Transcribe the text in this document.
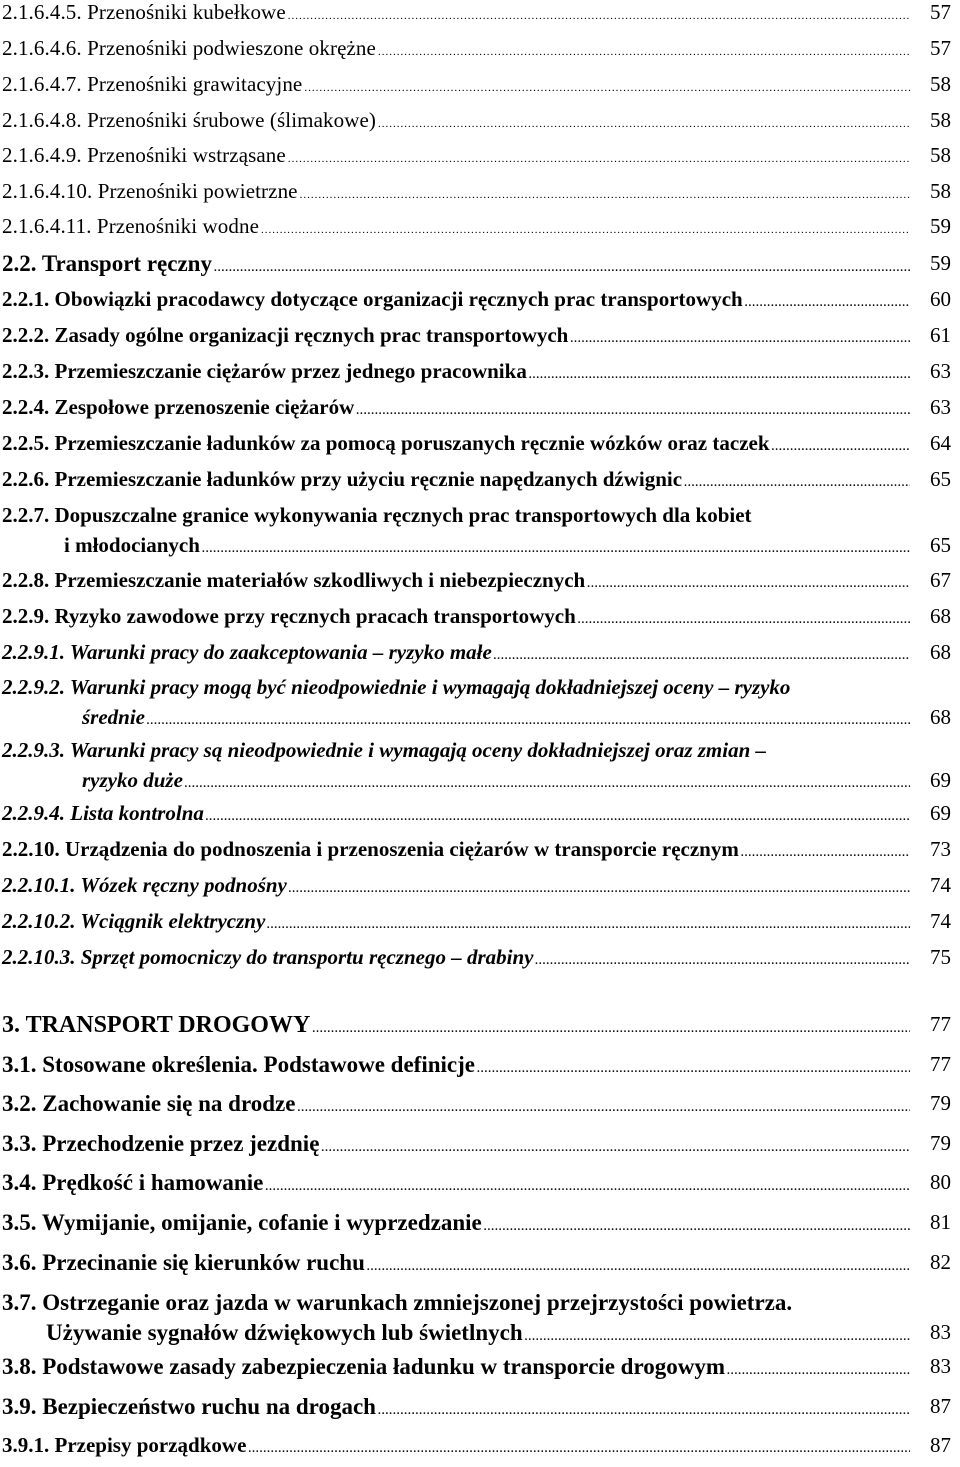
2.1.6.4.5. Przenośniki kubełkowe .....	57
2.1.6.4.6. Przenośniki podwieszone okrężne .....	57
2.1.6.4.7. Przenośniki grawitacyjne .....	58
2.1.6.4.8. Przenośniki śrubowe (ślimakowe) .....	58
2.1.6.4.9. Przenośniki wstrząsane .....	58
2.1.6.4.10. Przenośniki powietrzne .....	58
2.1.6.4.11. Przenośniki wodne .....	59
2.2. Transport ręczny .....	59
2.2.1. Obowiązki pracodawcy dotyczące organizacji ręcznych prac transportowych .....	60
2.2.2. Zasady ogólne organizacji ręcznych prac transportowych .....	61
2.2.3. Przemieszczanie ciężarów przez jednego pracownika .....	63
2.2.4. Zespołowe przenoszenie ciężarów .....	63
2.2.5. Przemieszczanie ładunków za pomocą poruszanych ręcznie wózków oraz taczek .....	64
2.2.6. Przemieszczanie ładunków przy użyciu ręcznie napędzanych dźwignic .....	65
2.2.7. Dopuszczalne granice wykonywania ręcznych prac transportowych dla kobiet
i młodocianych .....	65
2.2.8. Przemieszczanie materiałów szkodliwych i niebezpiecznych .....	67
2.2.9. Ryzyko zawodowe przy ręcznych pracach transportowych .....	68
2.2.9.1. Warunki pracy do zaakceptowania – ryzyko małe .....	68
2.2.9.2. Warunki pracy mogą być nieodpowiednie i wymagają dokładniejszej oceny – ryzyko
średnie .....	68
2.2.9.3. Warunki pracy są nieodpowiednie i wymagają oceny dokładniejszej oraz zmian –
ryzyko duże .....	69
2.2.9.4. Lista kontrolna .....	69
2.2.10. Urządzenia do podnoszenia i przenoszenia ciężarów w transporcie ręcznym .....	73
2.2.10.1. Wózek ręczny podnośny .....	74
2.2.10.2. Wciągnik elektryczny .....	74
2.2.10.3. Sprzęt pomocniczy do transportu ręcznego – drabiny .....	75
3. TRANSPORT DROGOWY .....	77
3.1. Stosowane określenia. Podstawowe definicje .....	77
3.2. Zachowanie się na drodze .....	79
3.3. Przechodzenie przez jezdnię .....	79
3.4. Prędkość i hamowanie .....	80
3.5. Wymijanie, omijanie, cofanie i wyprzedzanie .....	81
3.6. Przecinanie się kierunków ruchu .....	82
3.7. Ostrzeganie oraz jazda w warunkach zmniejszonej przejrzystości powietrza.
Używanie sygnałów dźwiękowych lub świetlnych .....	83
3.8. Podstawowe zasady zabezpieczenia ładunku w transporcie drogowym .....	83
3.9. Bezpieczeństwo ruchu na drogach .....	87
3.9.1. Przepisy porządkowe .....	87
